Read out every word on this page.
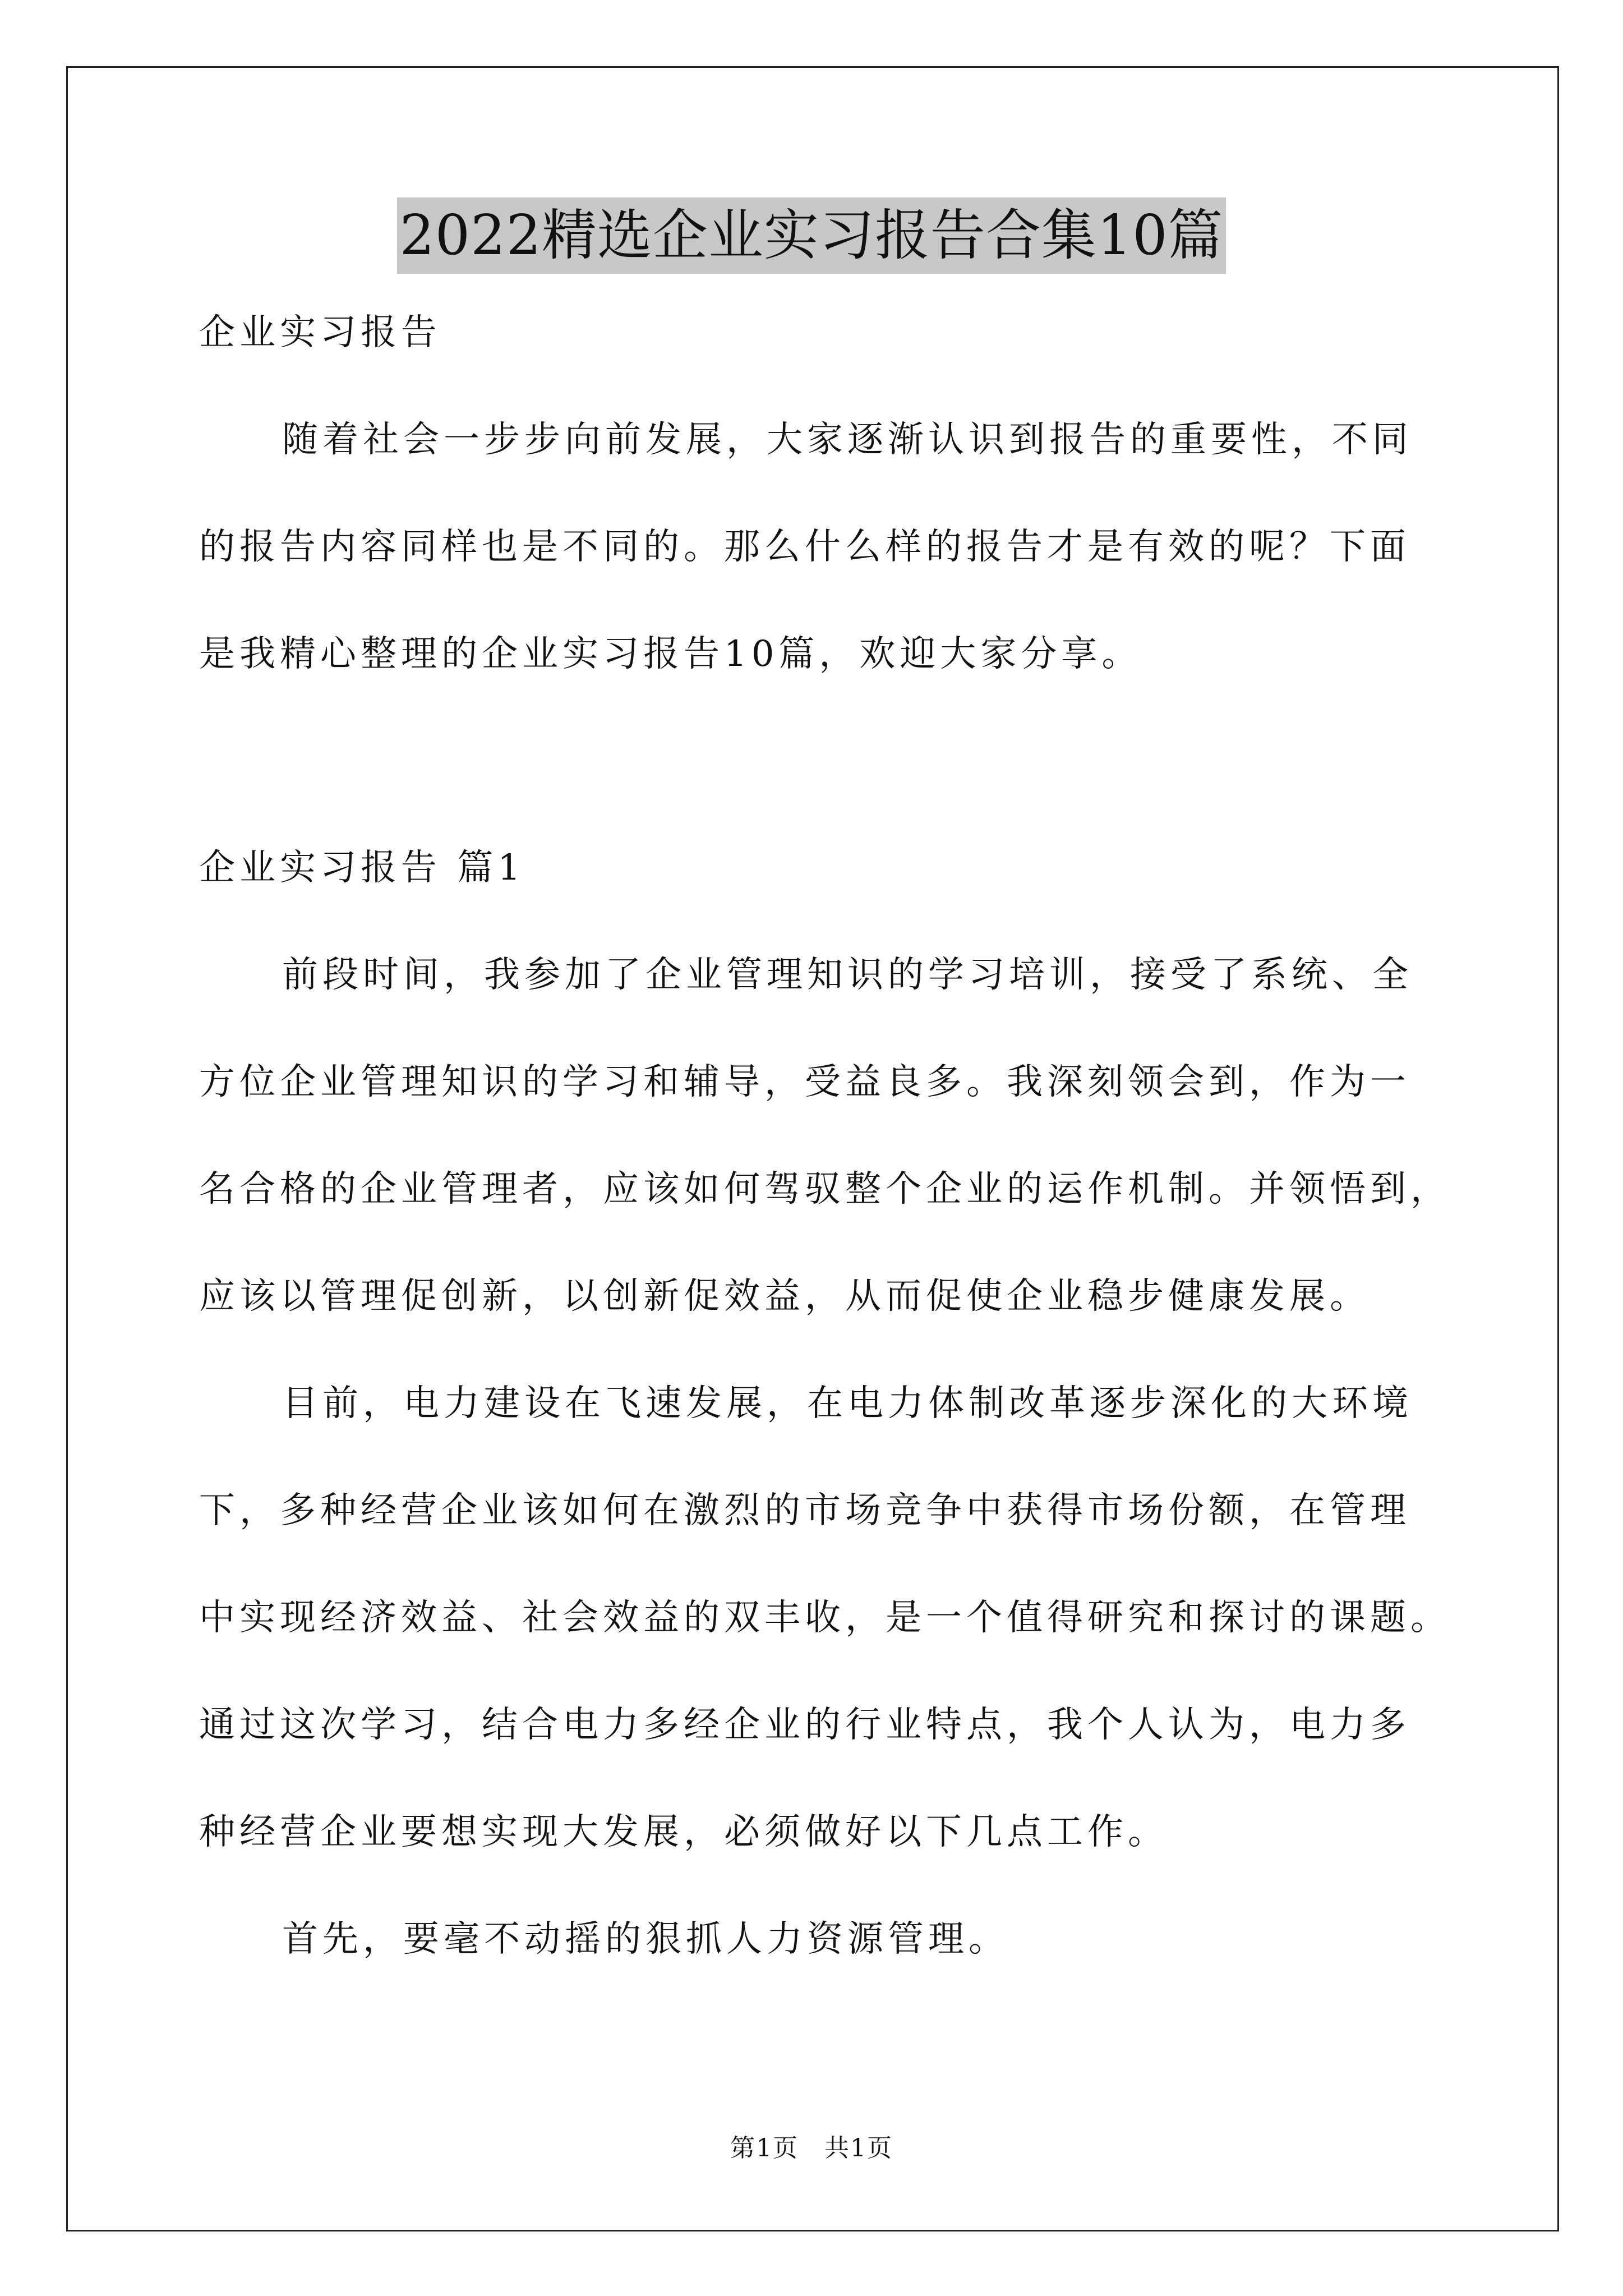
2022精选企业实习报告合集10篇
企业实习报告
随着社会一步步向前发展，大家逐渐认识到报告的重要性，不同
的报告内容同样也是不同的。那么什么样的报告才是有效的呢？下面
是我精心整理的企业实习报告10篇，欢迎大家分享。
企业实习报告 篇1
前段时间，我参加了企业管理知识的学习培训，接受了系统、全
方位企业管理知识的学习和辅导，受益良多。我深刻领会到，作为一
名合格的企业管理者，应该如何驾驭整个企业的运作机制。并领悟到，
应该以管理促创新，以创新促效益，从而促使企业稳步健康发展。
目前，电力建设在飞速发展，在电力体制改革逐步深化的大环境
下，多种经营企业该如何在激烈的市场竞争中获得市场份额，在管理
中实现经济效益、社会效益的双丰收，是一个值得研究和探讨的课题。
通过这次学习，结合电力多经企业的行业特点，我个人认为，电力多
种经营企业要想实现大发展，必须做好以下几点工作。
首先，要毫不动摇的狠抓人力资源管理。
第1页　共1页
